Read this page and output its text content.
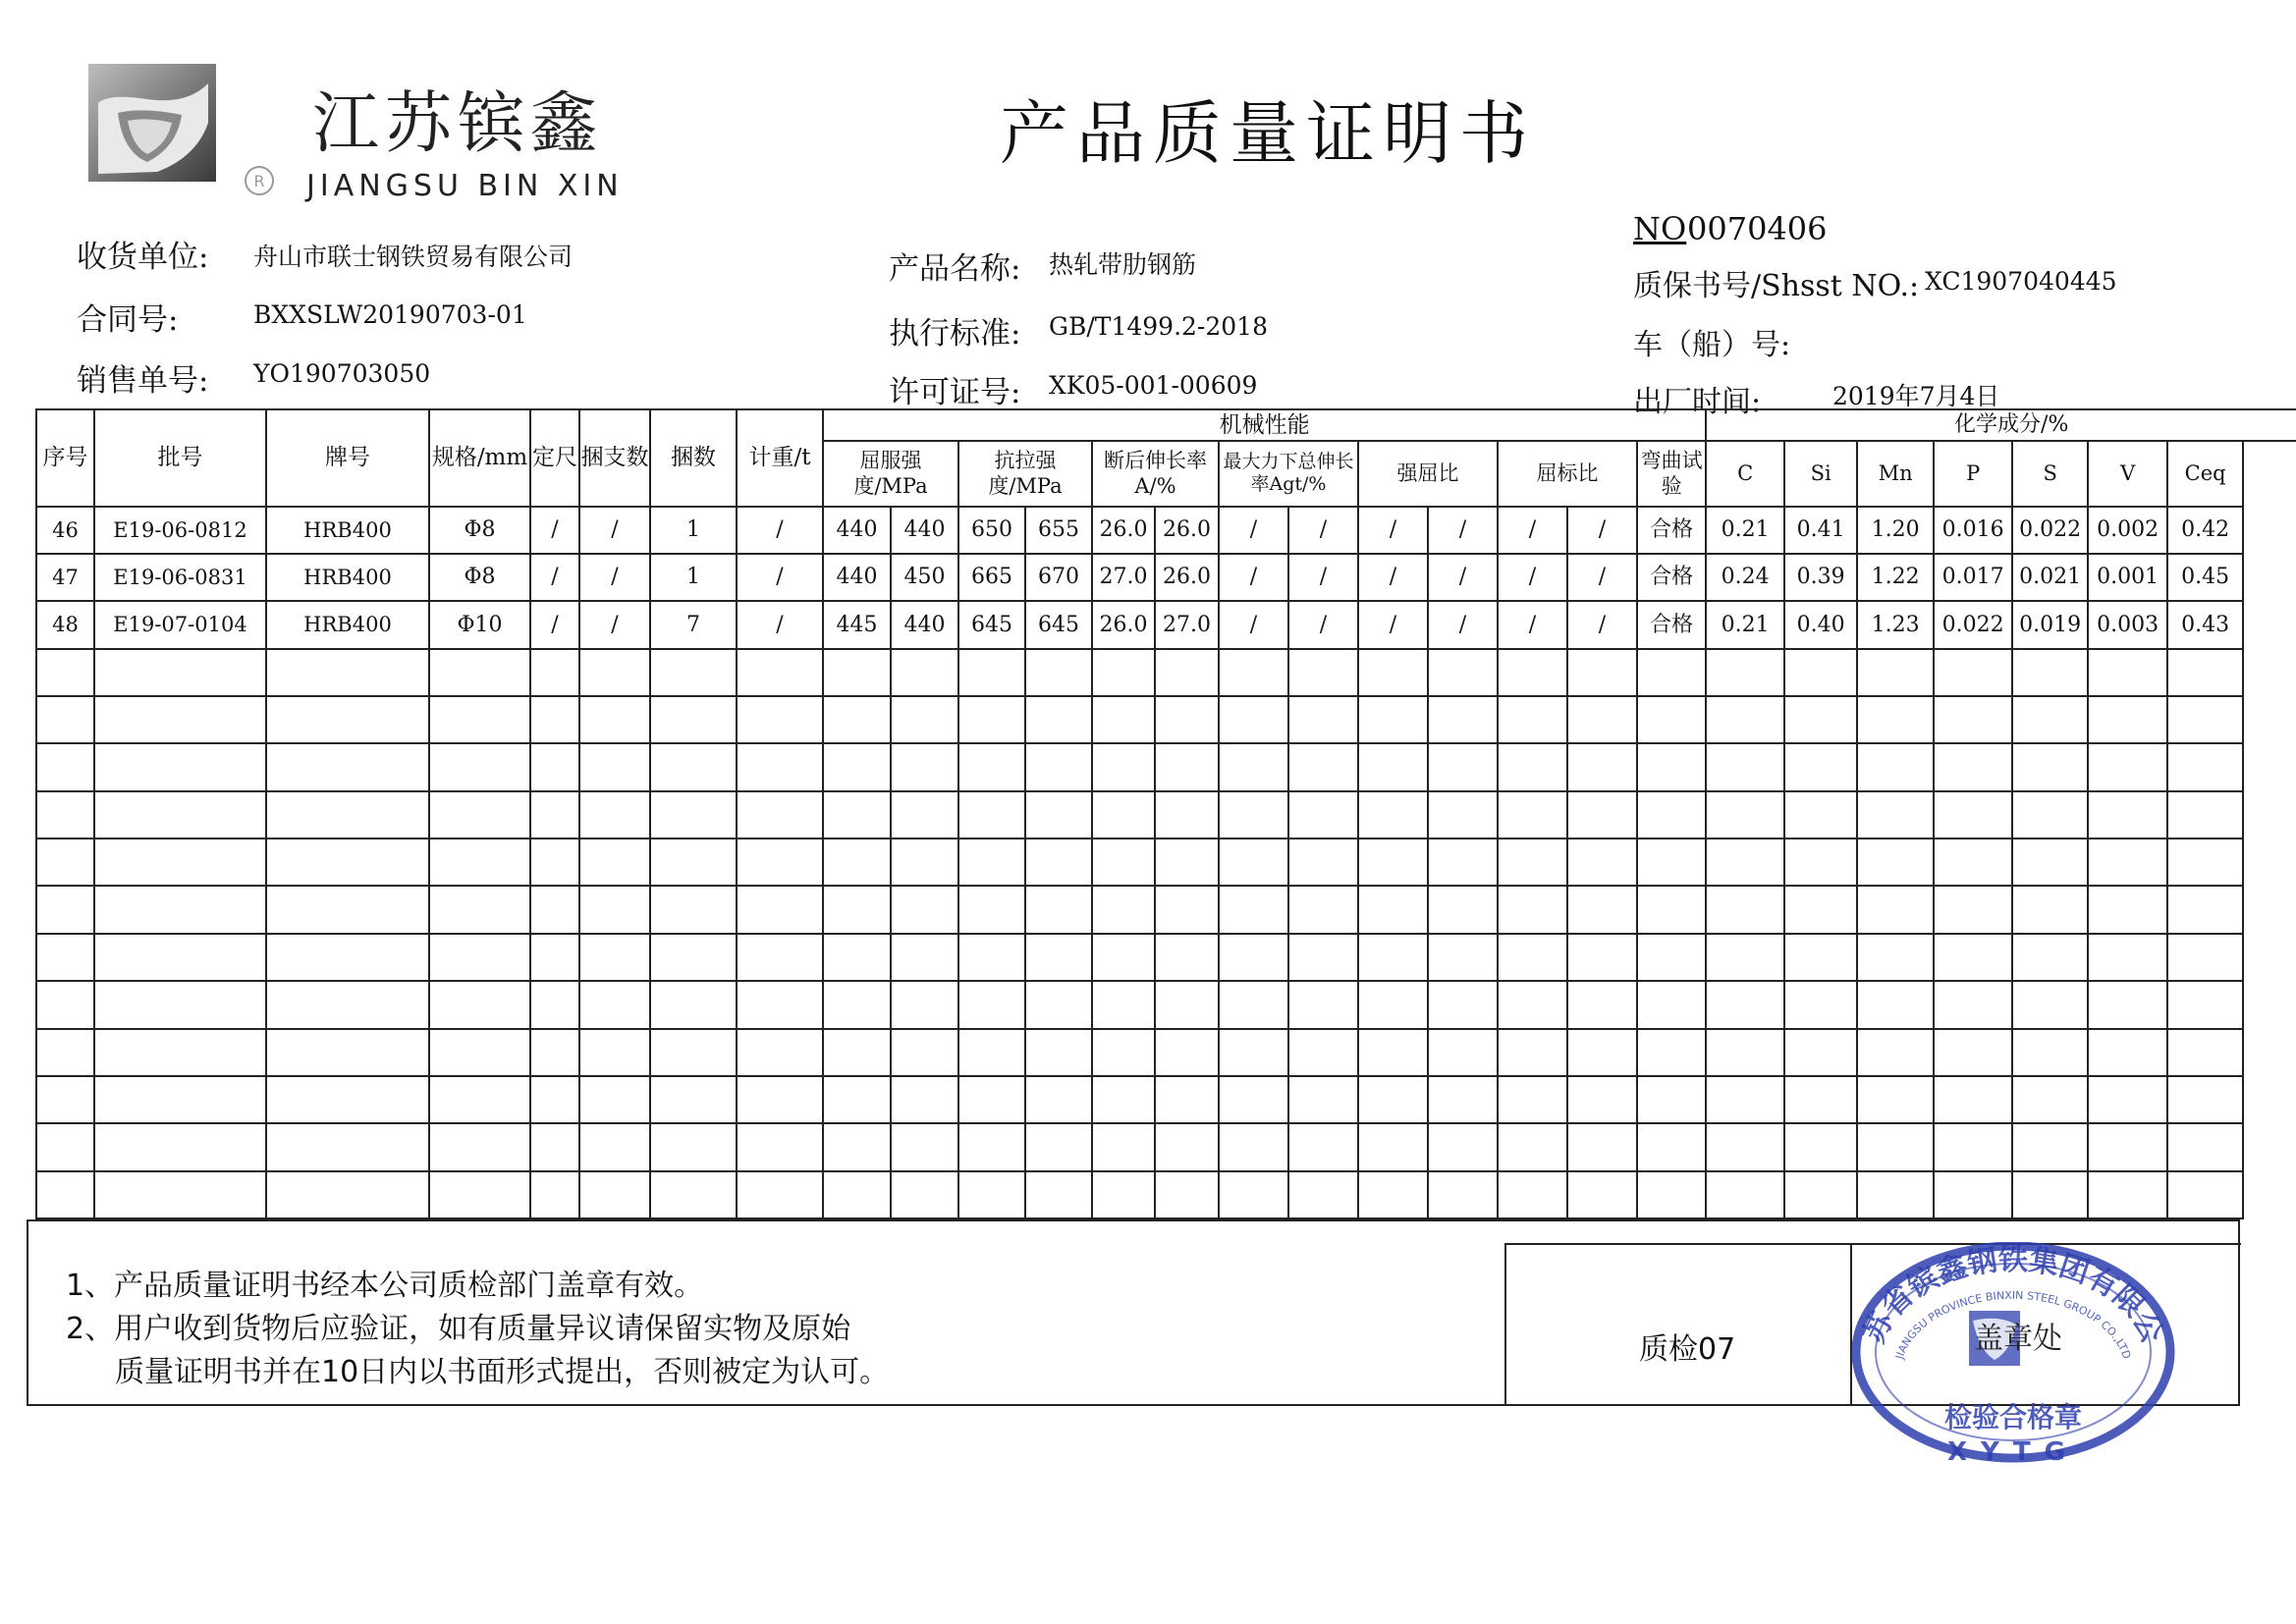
江苏镔鑫
R JIANGSU BIN XIN
产品质量证明书
收货单位: 舟山市联士钢铁贸易有限公司
合同号:	BXXSLW20190703-01
销售单号: YO190703050
产品名称: 热轧带肋钢筋
执行标准: GB/T1499.2-2018
许可证号: XK05-001-00609
NO 0070406
质保书号/Shsst NO.: XC1907040445
车（船）号:
出厂时间:	2019年7月4日
序号	批号	牌号	规格/mm	定尺	捆支数	捆数	计重/t	机械性能													化学成分/%						
								屈服强度/MPa		抗拉强度/MPa		断后伸长率A/%		最大力下总伸长率Agt/%		强屈比		屈标比		弯曲试验	C	Si	Mn	P	S	V	Ceq
46	E19-06-0812	HRB400	Φ8	/	/	1	/	440	440	650	655	26.0	26.0	/	/	/	/	/	/	合格	0.21	0.41	1.20	0.016	0.022	0.002	0.42
47	E19-06-0831	HRB400	Φ8	/	/	1	/	440	450	665	670	27.0	26.0	/	/	/	/	/	/	合格	0.24	0.39	1.22	0.017	0.021	0.001	0.45
48	E19-07-0104	HRB400	Φ10	/	/	7	/	445	440	645	645	26.0	27.0	/	/	/	/	/	/	合格	0.21	0.40	1.23	0.022	0.019	0.003	0.43

1、产品质量证明书经本公司质检部门盖章有效。
2、用户收到货物后应验证，如有质量异议请保留实物及原始
质量证明书并在10日内以书面形式提出，否则被定为认可。
质检07
苏省镔鑫钢铁集团有限公
JIANGSU PROVINCE BINXIN STEEL GROUP CO.,LTD
检验合格章
XYTG
盖章处
